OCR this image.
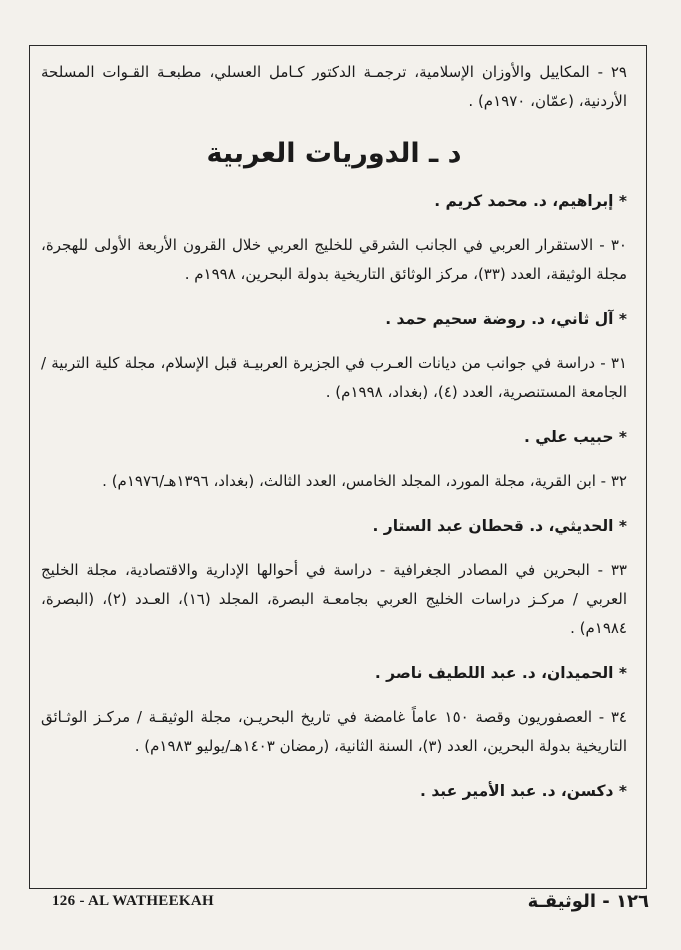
٢٩ - المكاييل والأوزان الإسلامية، ترجمـة الدكتور كـامل العسلي، مطبعـة القـوات المسلحة الأردنية، (عمّان، ١٩٧٠م) .

د ـ الدوريات العربية

* إبراهيم، د. محمد كريم .

٣٠ - الاستقرار العربي في الجانب الشرقي للخليج العربي خلال القرون الأربعة الأولى للهجرة، مجلة الوثيقة، العدد (٣٣)، مركز الوثائق التاريخية بدولة البحرين، ١٩٩٨م .

* آل ثاني، د. روضة سحيم حمد .

٣١ - دراسة في جوانب من ديانات العـرب في الجزيرة العربيـة قبل الإسلام، مجلة كلية التربية / الجامعة المستنصرية، العدد (٤)، (بغداد، ١٩٩٨م) .

* حبيب علي .

٣٢ - ابن القرية، مجلة المورد، المجلد الخامس، العدد الثالث، (بغداد، ١٣٩٦هـ/١٩٧٦م) .

* الحديثي، د. قحطان عبد الستار .

٣٣ - البحرين في المصادر الجغرافية - دراسة في أحوالها الإدارية والاقتصادية، مجلة الخليج العربي / مركـز دراسات الخليج العربي بجامعـة البصرة، المجلد (١٦)، العـدد (٢)، (البصرة، ١٩٨٤م) .

* الحميدان، د. عبد اللطيف ناصر .

٣٤ - العصفوريون وقصة ١٥٠ عاماً غامضة في تاريخ البحريـن، مجلة الوثيقـة / مركـز الوثـائق التاريخية بدولة البحرين، العدد (٣)، السنة الثانية، (رمضان ١٤٠٣هـ/يوليو ١٩٨٣م) .

* دكسن، د. عبد الأمير عبد .

126 - AL WATHEEKAH	١٢٦ - الوثيقـة
